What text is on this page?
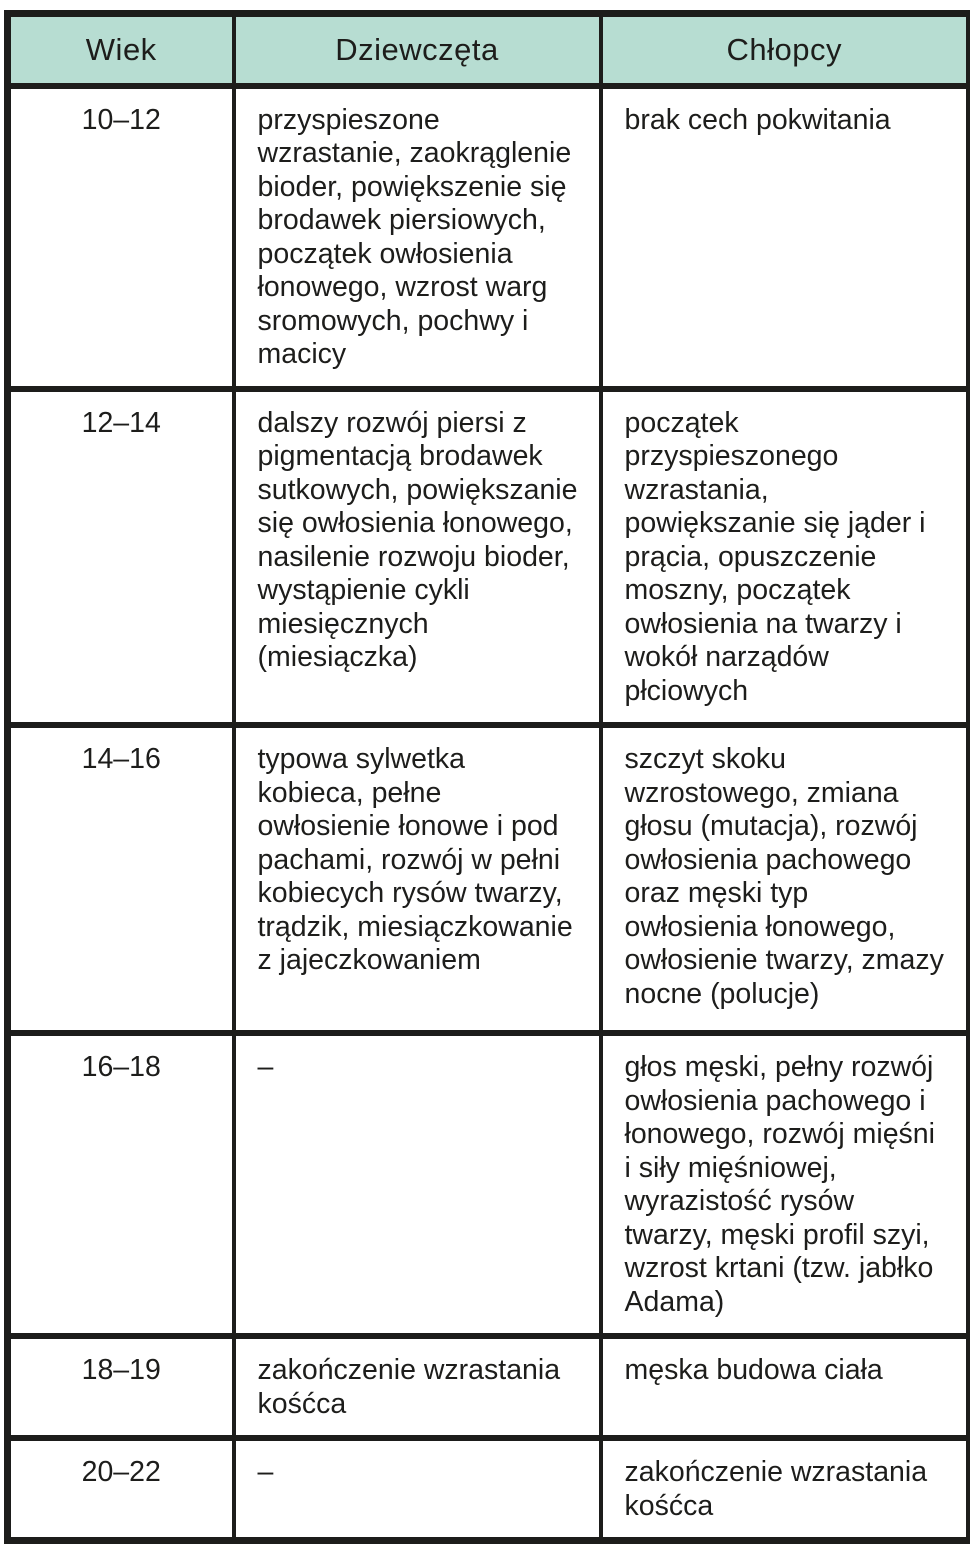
Wiek	Dziewczęta	Chłopcy
10–12	przyspieszone wzrastanie, zaokrąglenie bioder, powiększenie się brodawek piersiowych, początek owłosienia łonowego, wzrost warg sromowych, pochwy i macicy	brak cech pokwitania
12–14	dalszy rozwój piersi z pigmentacją brodawek sutkowych, powiększanie się owłosienia łonowego, nasilenie rozwoju bioder, wystąpienie cykli miesięcznych (miesiączka)	początek przyspieszonego wzrastania, powiększanie się jąder i prącia, opuszczenie moszny, początek owłosienia na twarzy i wokół narządów płciowych
14–16	typowa sylwetka kobieca, pełne owłosienie łonowe i pod pachami, rozwój w pełni kobiecych rysów twarzy, trądzik, miesiączkowanie z jajeczkowaniem	szczyt skoku wzrostowego, zmiana głosu (mutacja), rozwój owłosienia pachowego oraz męski typ owłosienia łonowego, owłosienie twarzy, zmazy nocne (polucje)
16–18	–	głos męski, pełny rozwój owłosienia pachowego i łonowego, rozwój mięśni i siły mięśniowej, wyrazistość rysów twarzy, męski profil szyi, wzrost krtani (tzw. jabłko Adama)
18–19	zakończenie wzrastania kośćca	męska budowa ciała
20–22	–	zakończenie wzrastania kośćca
